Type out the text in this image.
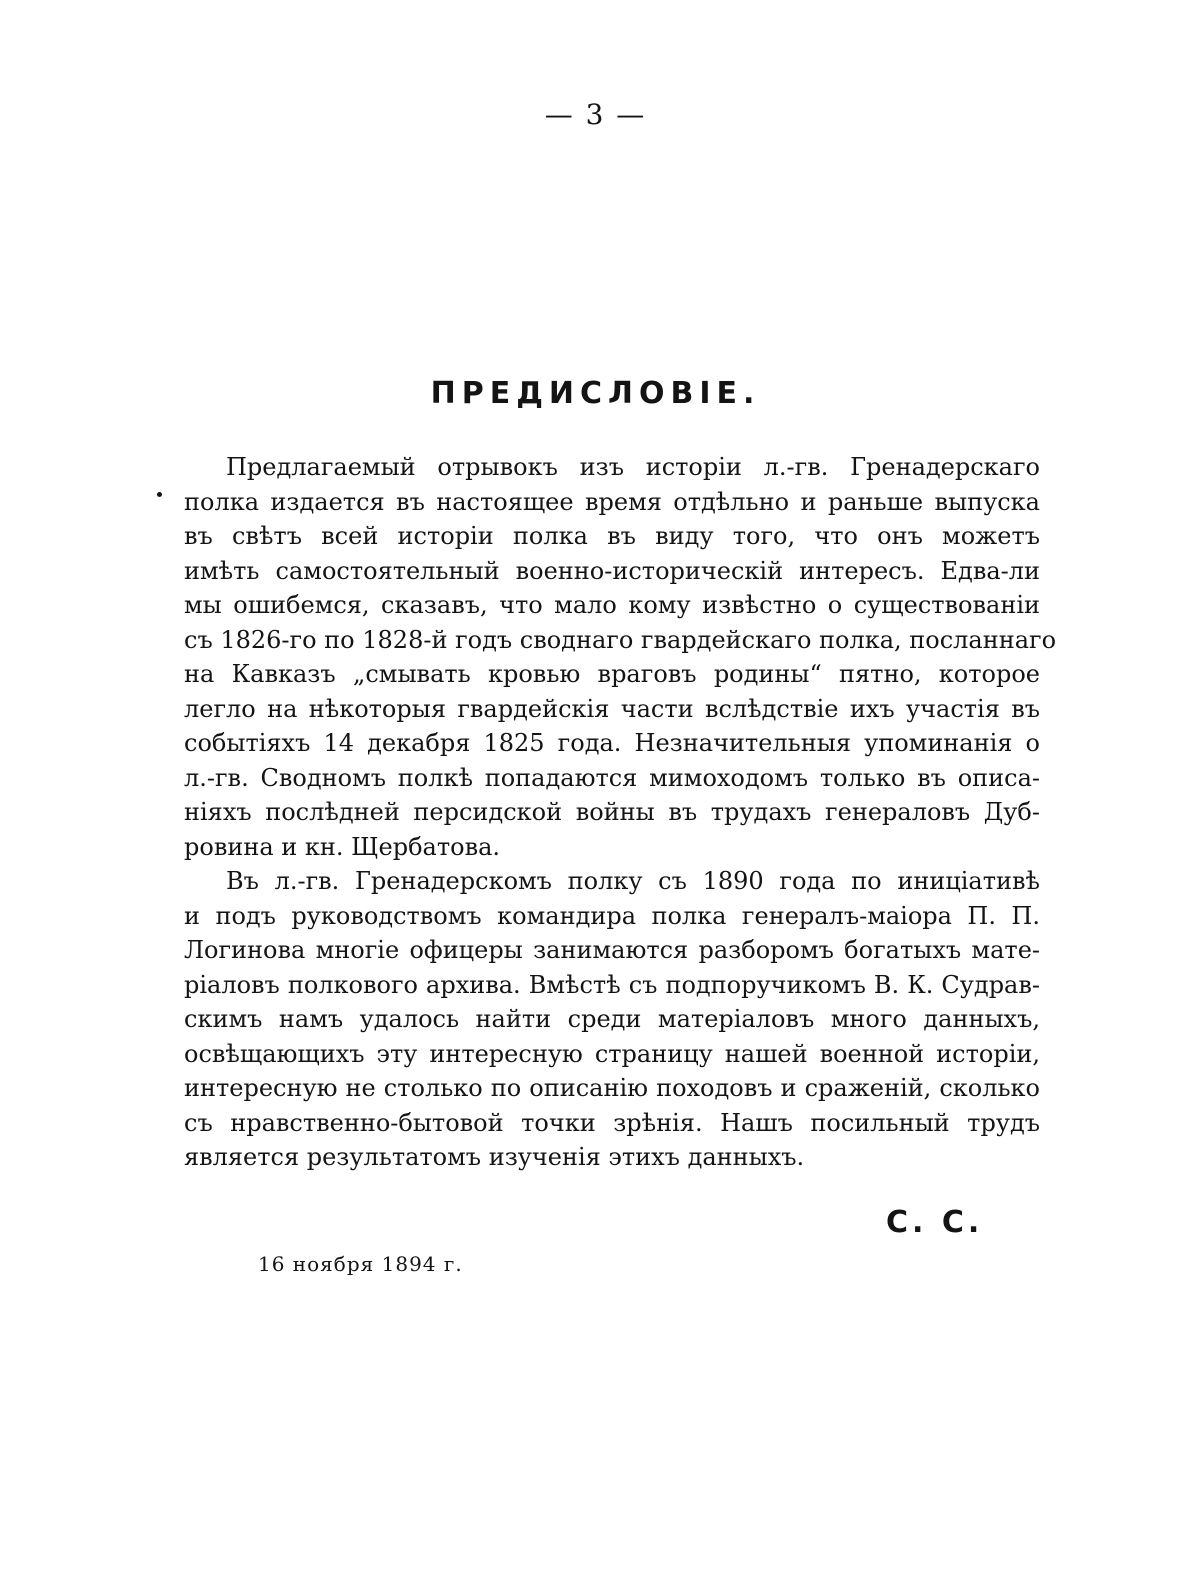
— 3 —
ПРЕДИСЛОВІЕ.
Предлагаемый отрывокъ изъ исторіи л.-гв. Гренадерскаго
полка издается въ настоящее время отдѣльно и раньше выпуска
въ свѣтъ всей исторіи полка въ виду того, что онъ можетъ
имѣть самостоятельный военно-историческій интересъ. Едва-ли
мы ошибемся, сказавъ, что мало кому извѣстно о существованіи
съ 1826-го по 1828-й годъ своднаго гвардейскаго полка, посланнаго
на Кавказъ „смывать кровью враговъ родины“ пятно, которое
легло на нѣкоторыя гвардейскія части вслѣдствіе ихъ участія въ
событіяхъ 14 декабря 1825 года. Незначительныя упоминанія о
л.-гв. Сводномъ полкѣ попадаются мимоходомъ только въ описа-
ніяхъ послѣдней персидской войны въ трудахъ генераловъ Дуб-
ровина и кн. Щербатова.
Въ л.-гв. Гренадерскомъ полку съ 1890 года по иниціативѣ
и подъ руководствомъ командира полка генералъ-маіора П. П.
Логинова многіе офицеры занимаются разборомъ богатыхъ мате-
ріаловъ полкового архива. Вмѣстѣ съ подпоручикомъ В. К. Судрав-
скимъ намъ удалось найти среди матеріаловъ много данныхъ,
освѣщающихъ эту интересную страницу нашей военной исторіи,
интересную не столько по описанію походовъ и сраженій, сколько
съ нравственно-бытовой точки зрѣнія. Нашъ посильный трудъ
является результатомъ изученія этихъ данныхъ.
С. С.
16 ноября 1894 г.
